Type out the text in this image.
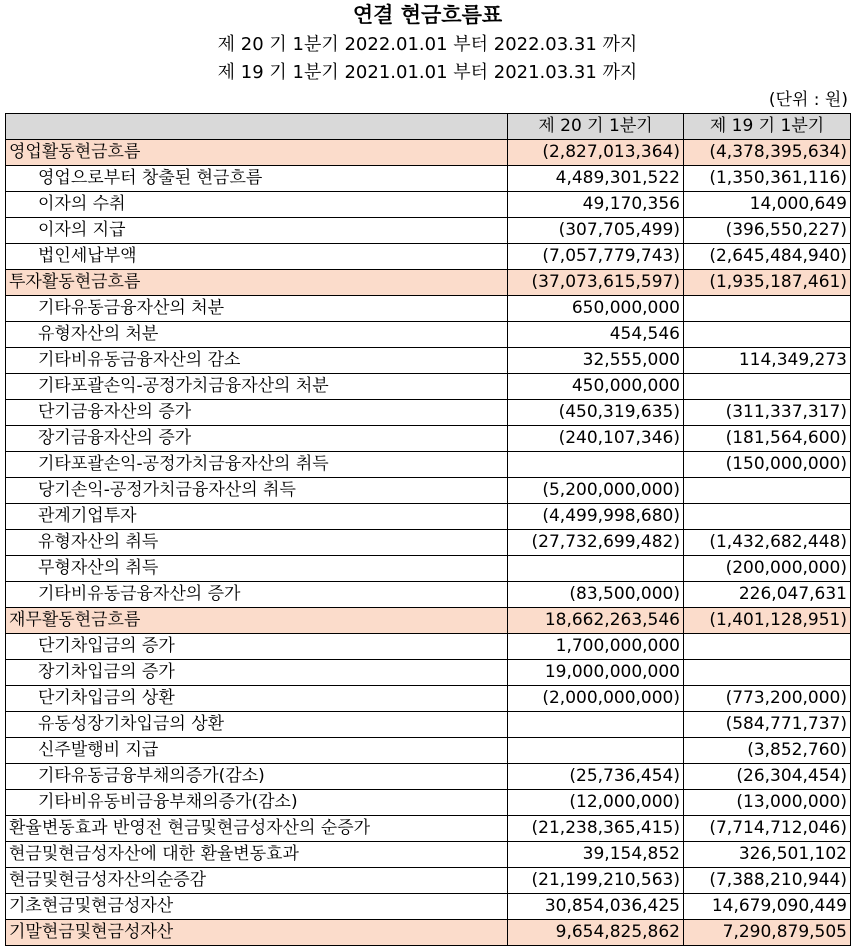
연결 현금흐름표
제 20 기 1분기 2022.01.01 부터 2022.03.31 까지
제 19 기 1분기 2021.01.01 부터 2021.03.31 까지
(단위 : 원)
	제 20 기 1분기	제 19 기 1분기
영업활동현금흐름	(2,827,013,364)	(4,378,395,634)
영업으로부터 창출된 현금흐름	4,489,301,522	(1,350,361,116)
이자의 수취	49,170,356	14,000,649
이자의 지급	(307,705,499)	(396,550,227)
법인세납부액	(7,057,779,743)	(2,645,484,940)
투자활동현금흐름	(37,073,615,597)	(1,935,187,461)
기타유동금융자산의 처분	650,000,000	
유형자산의 처분	454,546	
기타비유동금융자산의 감소	32,555,000	114,349,273
기타포괄손익-공정가치금융자산의 처분	450,000,000	
단기금융자산의 증가	(450,319,635)	(311,337,317)
장기금융자산의 증가	(240,107,346)	(181,564,600)
기타포괄손익-공정가치금융자산의 취득		(150,000,000)
당기손익-공정가치금융자산의 취득	(5,200,000,000)	
관계기업투자	(4,499,998,680)	
유형자산의 취득	(27,732,699,482)	(1,432,682,448)
무형자산의 취득		(200,000,000)
기타비유동금융자산의 증가	(83,500,000)	226,047,631
재무활동현금흐름	18,662,263,546	(1,401,128,951)
단기차입금의 증가	1,700,000,000	
장기차입금의 증가	19,000,000,000	
단기차입금의 상환	(2,000,000,000)	(773,200,000)
유동성장기차입금의 상환		(584,771,737)
신주발행비 지급		(3,852,760)
기타유동금융부채의증가(감소)	(25,736,454)	(26,304,454)
기타비유동비금융부채의증가(감소)	(12,000,000)	(13,000,000)
환율변동효과 반영전 현금및현금성자산의 순증가	(21,238,365,415)	(7,714,712,046)
현금및현금성자산에 대한 환율변동효과	39,154,852	326,501,102
현금및현금성자산의순증감	(21,199,210,563)	(7,388,210,944)
기초현금및현금성자산	30,854,036,425	14,679,090,449
기말현금및현금성자산	9,654,825,862	7,290,879,505
